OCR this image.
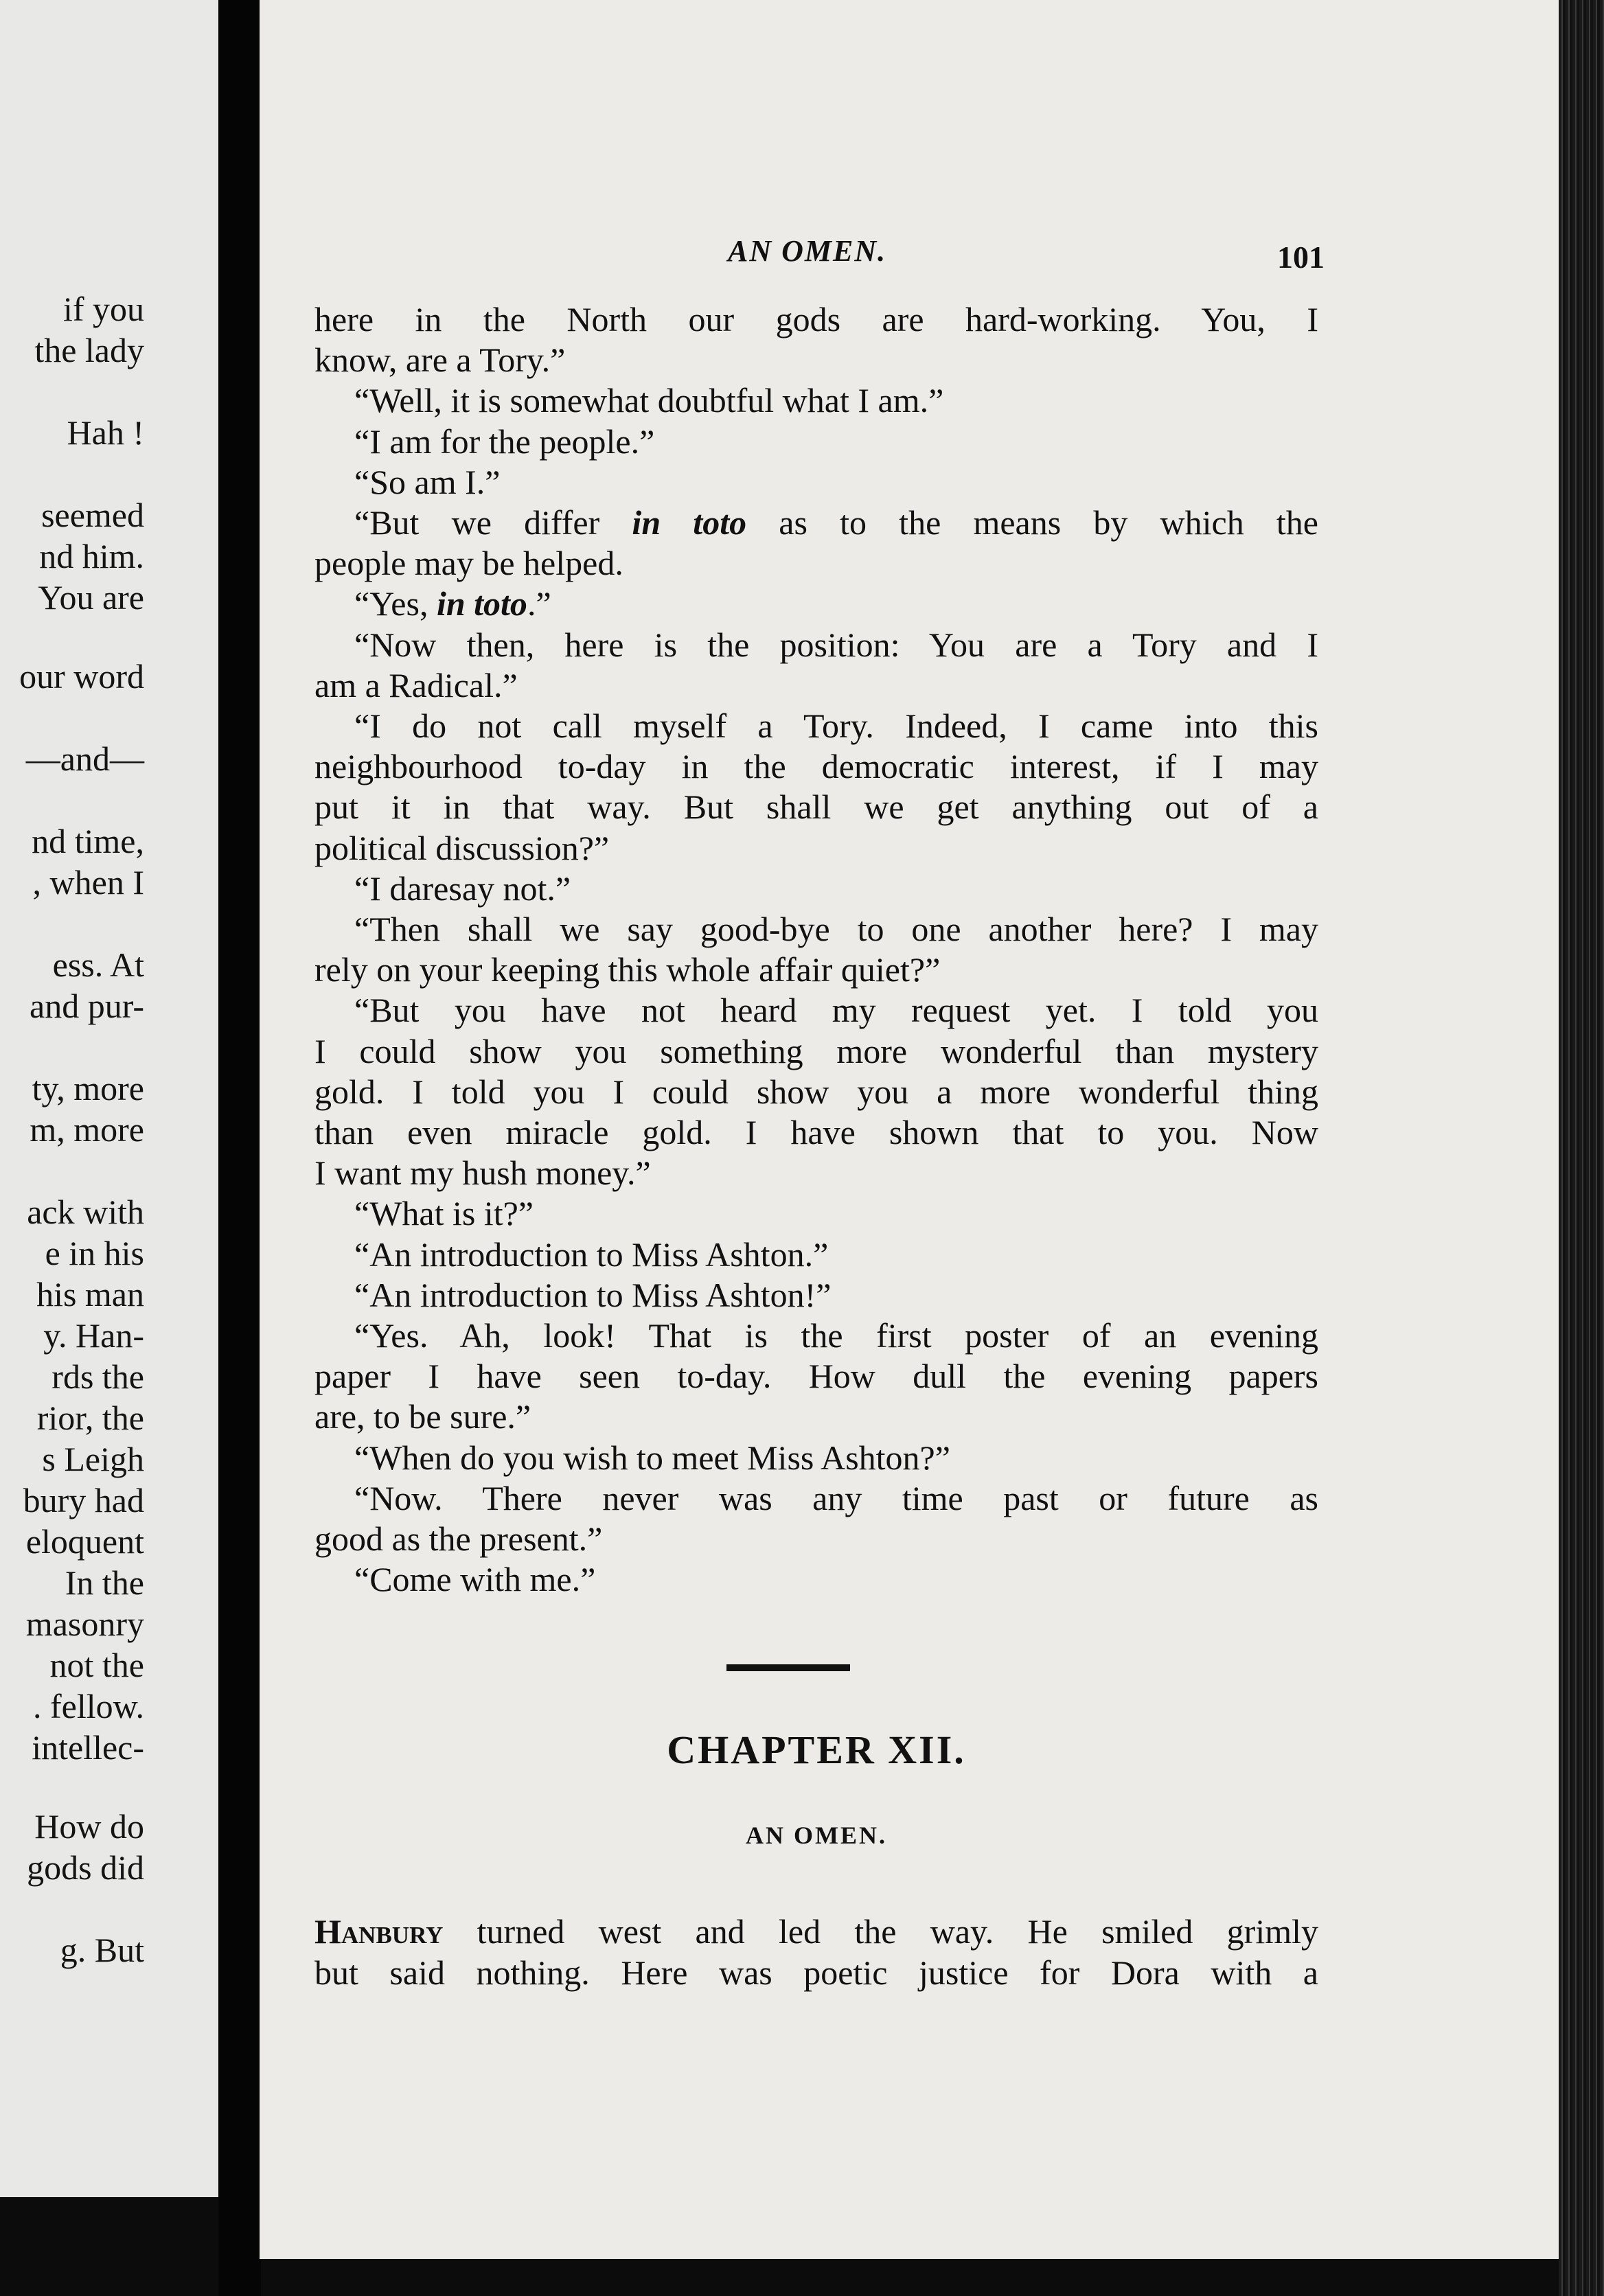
if you
the lady
Hah !
seemed
nd him.
You are
our word
—and—
nd time,
, when I
ess. At
and pur-
ty, more
m, more
ack with
e in his
his man
y. Han-
rds the
rior, the
s Leigh
bury had
eloquent
In the
masonry
not the
. fellow.
intellec-
How do
gods did
g. But
AN OMEN.	101
here in the North our gods are hard-working. You, I
know, are a Tory.”
“Well, it is somewhat doubtful what I am.”
“I am for the people.”
“So am I.”
“But we differ in toto as to the means by which the
people may be helped.
“Yes, in toto.”
“Now then, here is the position: You are a Tory and I
am a Radical.”
“I do not call myself a Tory. Indeed, I came into this
neighbourhood to-day in the democratic interest, if I may
put it in that way. But shall we get anything out of a
political discussion?”
“I daresay not.”
“Then shall we say good-bye to one another here? I may
rely on your keeping this whole affair quiet?”
“But you have not heard my request yet. I told you
I could show you something more wonderful than mystery
gold. I told you I could show you a more wonderful thing
than even miracle gold. I have shown that to you. Now
I want my hush money.”
“What is it?”
“An introduction to Miss Ashton.”
“An introduction to Miss Ashton!”
“Yes. Ah, look! That is the first poster of an evening
paper I have seen to-day. How dull the evening papers
are, to be sure.”
“When do you wish to meet Miss Ashton?”
“Now. There never was any time past or future as
good as the present.”
“Come with me.”
CHAPTER XII.
AN OMEN.
Hanbury turned west and led the way. He smiled grimly
but said nothing. Here was poetic justice for Dora with a
